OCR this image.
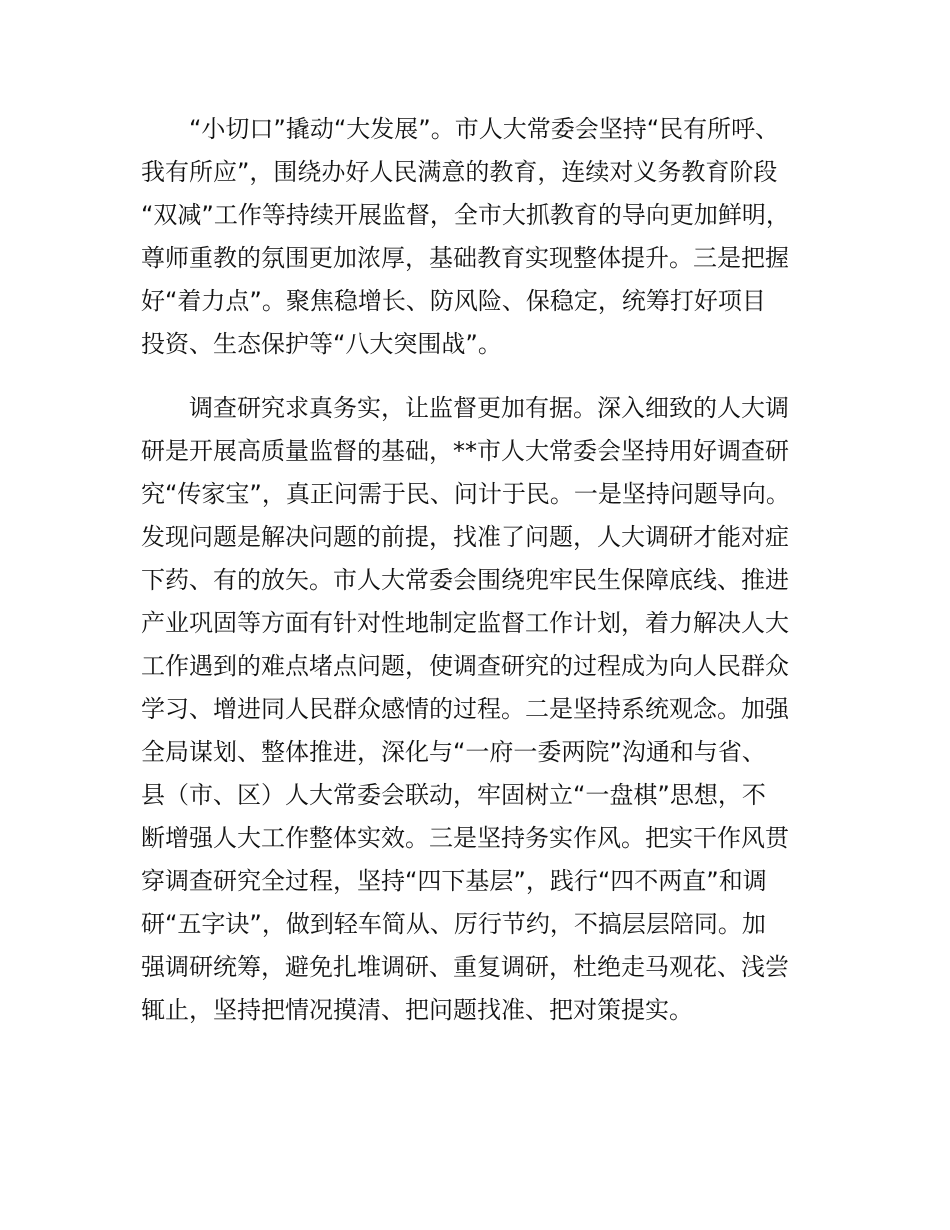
　　“小切口”撬动“大发展”。市人大常委会坚持“民有所呼、
我有所应”，围绕办好人民满意的教育，连续对义务教育阶段
“双减”工作等持续开展监督，全市大抓教育的导向更加鲜明，
尊师重教的氛围更加浓厚，基础教育实现整体提升。三是把握
好“着力点”。聚焦稳增长、防风险、保稳定，统筹打好项目
投资、生态保护等“八大突围战”。
　　调查研究求真务实，让监督更加有据。深入细致的人大调
研是开展高质量监督的基础，**市人大常委会坚持用好调查研
究“传家宝”，真正问需于民、问计于民。一是坚持问题导向。
发现问题是解决问题的前提，找准了问题，人大调研才能对症
下药、有的放矢。市人大常委会围绕兜牢民生保障底线、推进
产业巩固等方面有针对性地制定监督工作计划，着力解决人大
工作遇到的难点堵点问题，使调查研究的过程成为向人民群众
学习、增进同人民群众感情的过程。二是坚持系统观念。加强
全局谋划、整体推进，深化与“一府一委两院”沟通和与省、
县（市、区）人大常委会联动，牢固树立“一盘棋”思想，不
断增强人大工作整体实效。三是坚持务实作风。把实干作风贯
穿调查研究全过程，坚持“四下基层”，践行“四不两直”和调
研“五字诀”，做到轻车简从、厉行节约，不搞层层陪同。加
强调研统筹，避免扎堆调研、重复调研，杜绝走马观花、浅尝
辄止，坚持把情况摸清、把问题找准、把对策提实。
